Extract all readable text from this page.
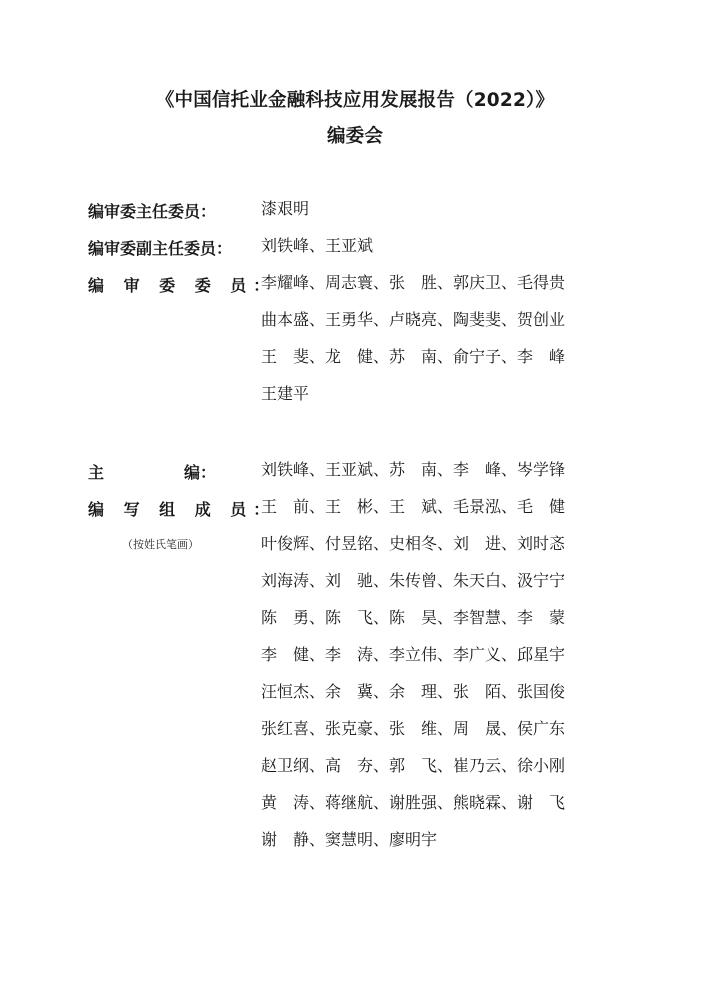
《中国信托业金融科技应用发展报告（2022）》
编委会
编审委主任委员：	漆艰明
编审委副主任委员：	刘铁峰、王亚斌
编 审 委 委 员：
李耀峰、周志寰、张　胜、郭庆卫、毛得贵
曲本盛、王勇华、卢晓亮、陶斐斐、贺创业
王　斐、龙　健、苏　南、俞宁子、李　峰
王建平
主　　　　　编：	刘铁峰、王亚斌、苏　南、李　峰、岑学锋
编 写 组 成 员：
（按姓氏笔画）
王　前、王　彬、王　斌、毛景泓、毛　健
叶俊辉、付昱铭、史相冬、刘　进、刘时忞
刘海涛、刘　驰、朱传曾、朱天白、汲宁宁
陈　勇、陈　飞、陈　昊、李智慧、李　蒙
李　健、李　涛、李立伟、李广义、邱星宇
汪恒杰、余　冀、余　理、张　陌、张国俊
张红喜、张克豪、张　维、周　晟、侯广东
赵卫纲、高　夯、郭　飞、崔乃云、徐小刚
黄　涛、蒋继航、谢胜强、熊晓霖、谢　飞
谢　静、窦慧明、廖明宇
